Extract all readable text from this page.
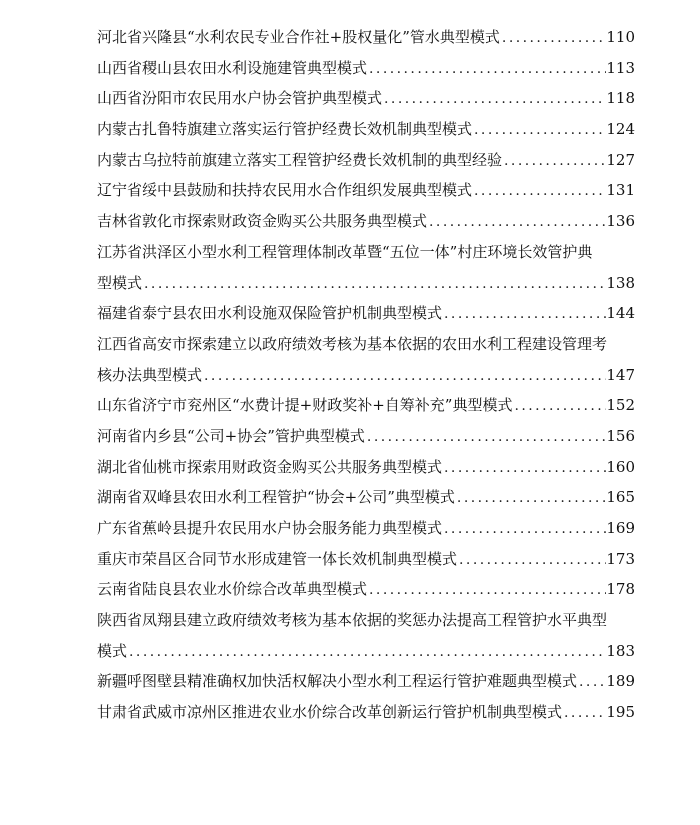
河北省兴隆县“水利农民专业合作社+股权量化”管水典型模式 . . .	110
山西省稷山县农田水利设施建管典型模式 . . .	113
山西省汾阳市农民用水户协会管护典型模式 . . .	118
内蒙古扎鲁特旗建立落实运行管护经费长效机制典型模式 . . .	124
内蒙古乌拉特前旗建立落实工程管护经费长效机制的典型经验 . . .	127
辽宁省绥中县鼓励和扶持农民用水合作组织发展典型模式 . . .	131
吉林省敦化市探索财政资金购买公共服务典型模式 . . .	136
江苏省洪泽区小型水利工程管理体制改革暨“五位一体”村庄环境长效管护典
型模式 . . .	138
福建省泰宁县农田水利设施双保险管护机制典型模式 . . .	144
江西省高安市探索建立以政府绩效考核为基本依据的农田水利工程建设管理考
核办法典型模式 . . .	147
山东省济宁市兖州区“水费计提+财政奖补+自筹补充”典型模式 . . .	152
河南省内乡县“公司+协会”管护典型模式 . . .	156
湖北省仙桃市探索用财政资金购买公共服务典型模式 . . .	160
湖南省双峰县农田水利工程管护“协会+公司”典型模式 . . .	165
广东省蕉岭县提升农民用水户协会服务能力典型模式 . . .	169
重庆市荣昌区合同节水形成建管一体长效机制典型模式 . . .	173
云南省陆良县农业水价综合改革典型模式 . . .	178
陕西省凤翔县建立政府绩效考核为基本依据的奖惩办法提高工程管护水平典型
模式 . . .	183
新疆呼图壁县精准确权加快活权解决小型水利工程运行管护难题典型模式 . . . 189
甘肃省武威市凉州区推进农业水价综合改革创新运行管护机制典型模式 . . .	195
